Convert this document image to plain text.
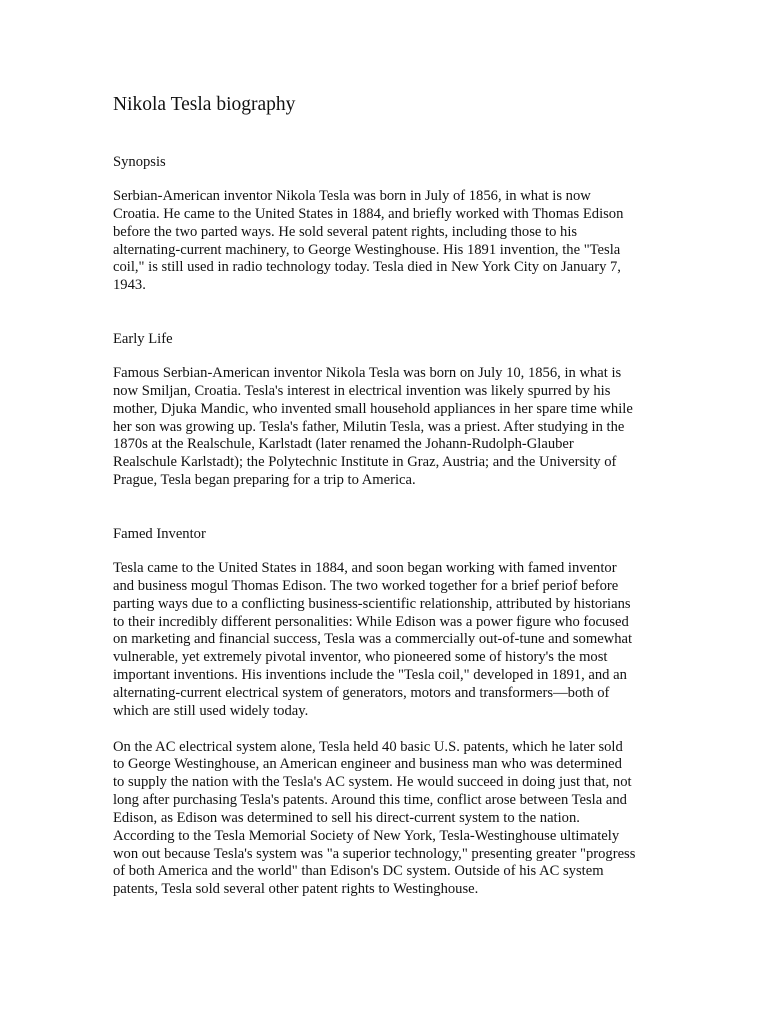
Nikola Tesla biography
Synopsis

Serbian-American inventor Nikola Tesla was born in July of 1856, in what is now
Croatia. He came to the United States in 1884, and briefly worked with Thomas Edison
before the two parted ways. He sold several patent rights, including those to his
alternating-current machinery, to George Westinghouse. His 1891 invention, the "Tesla
coil," is still used in radio technology today. Tesla died in New York City on January 7,
1943.

Early Life

Famous Serbian-American inventor Nikola Tesla was born on July 10, 1856, in what is
now Smiljan, Croatia. Tesla's interest in electrical invention was likely spurred by his
mother, Djuka Mandic, who invented small household appliances in her spare time while
her son was growing up. Tesla's father, Milutin Tesla, was a priest. After studying in the
1870s at the Realschule, Karlstadt (later renamed the Johann-Rudolph-Glauber
Realschule Karlstadt); the Polytechnic Institute in Graz, Austria; and the University of
Prague, Tesla began preparing for a trip to America.

Famed Inventor

Tesla came to the United States in 1884, and soon began working with famed inventor
and business mogul Thomas Edison. The two worked together for a brief periof before
parting ways due to a conflicting business-scientific relationship, attributed by historians
to their incredibly different personalities: While Edison was a power figure who focused
on marketing and financial success, Tesla was a commercially out-of-tune and somewhat
vulnerable, yet extremely pivotal inventor, who pioneered some of history's the most
important inventions. His inventions include the "Tesla coil," developed in 1891, and an
alternating-current electrical system of generators, motors and transformers—both of
which are still used widely today.

On the AC electrical system alone, Tesla held 40 basic U.S. patents, which he later sold
to George Westinghouse, an American engineer and business man who was determined
to supply the nation with the Tesla's AC system. He would succeed in doing just that, not
long after purchasing Tesla's patents. Around this time, conflict arose between Tesla and
Edison, as Edison was determined to sell his direct-current system to the nation.
According to the Tesla Memorial Society of New York, Tesla-Westinghouse ultimately
won out because Tesla's system was "a superior technology," presenting greater "progress
of both America and the world" than Edison's DC system. Outside of his AC system
patents, Tesla sold several other patent rights to Westinghouse.
